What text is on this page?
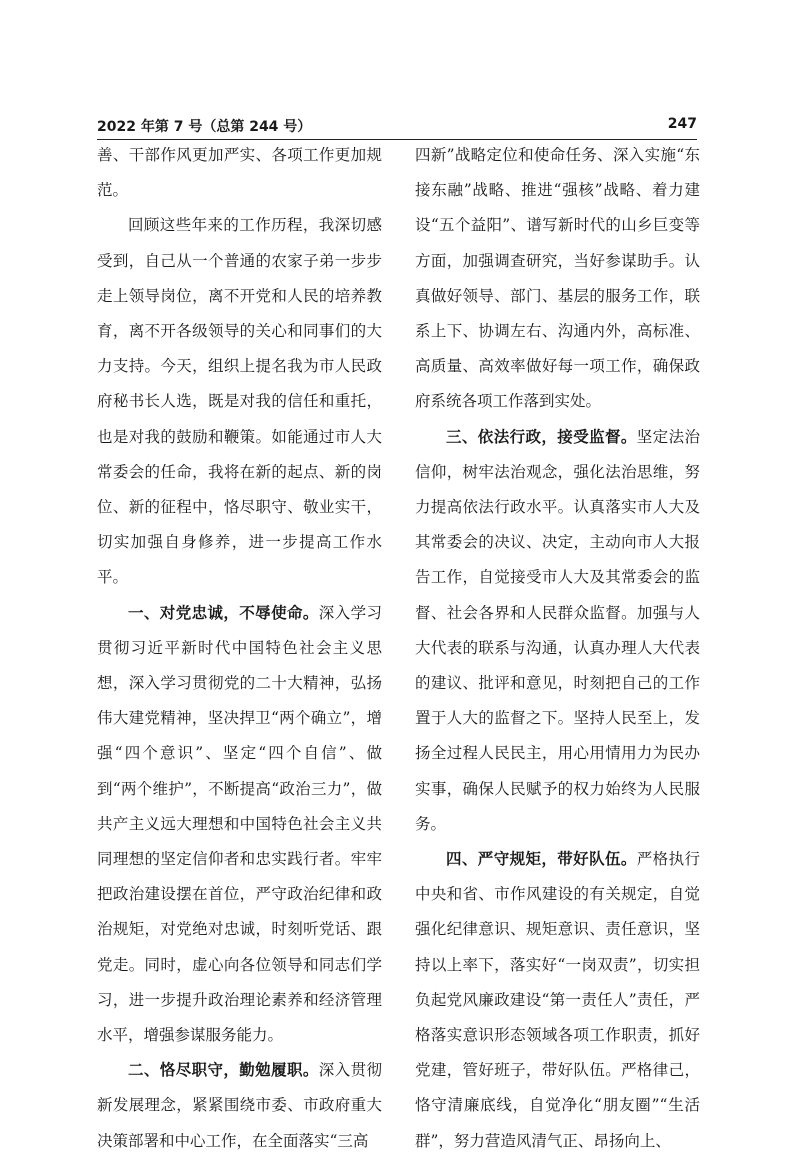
2022 年第 7 号（总第 244 号）	247

善、干部作风更加严实、各项工作更加规范。

回顾这些年来的工作历程，我深切感受到，自己从一个普通的农家子弟一步步走上领导岗位，离不开党和人民的培养教育，离不开各级领导的关心和同事们的大力支持。今天，组织上提名我为市人民政府秘书长人选，既是对我的信任和重托，也是对我的鼓励和鞭策。如能通过市人大常委会的任命，我将在新的起点、新的岗位、新的征程中，恪尽职守、敬业实干，切实加强自身修养，进一步提高工作水平。

一、对党忠诚，不辱使命。深入学习贯彻习近平新时代中国特色社会主义思想，深入学习贯彻党的二十大精神，弘扬伟大建党精神，坚决捍卫“两个确立”，增强“四个意识”、坚定“四个自信”、做到“两个维护”，不断提高“政治三力”，做共产主义远大理想和中国特色社会主义共同理想的坚定信仰者和忠实践行者。牢牢把政治建设摆在首位，严守政治纪律和政治规矩，对党绝对忠诚，时刻听党话、跟党走。同时，虚心向各位领导和同志们学习，进一步提升政治理论素养和经济管理水平，增强参谋服务能力。

二、恪尽职守，勤勉履职。深入贯彻新发展理念，紧紧围绕市委、市政府重大决策部署和中心工作，在全面落实“三高

四新”战略定位和使命任务、深入实施“东接东融”战略、推进“强核”战略、着力建设“五个益阳”、谱写新时代的山乡巨变等方面，加强调查研究，当好参谋助手。认真做好领导、部门、基层的服务工作，联系上下、协调左右、沟通内外，高标准、高质量、高效率做好每一项工作，确保政府系统各项工作落到实处。

三、依法行政，接受监督。坚定法治信仰，树牢法治观念，强化法治思维，努力提高依法行政水平。认真落实市人大及其常委会的决议、决定，主动向市人大报告工作，自觉接受市人大及其常委会的监督、社会各界和人民群众监督。加强与人大代表的联系与沟通，认真办理人大代表的建议、批评和意见，时刻把自己的工作置于人大的监督之下。坚持人民至上，发扬全过程人民民主，用心用情用力为民办实事，确保人民赋予的权力始终为人民服务。

四、严守规矩，带好队伍。严格执行中央和省、市作风建设的有关规定，自觉强化纪律意识、规矩意识、责任意识，坚持以上率下，落实好“一岗双责”，切实担负起党风廉政建设“第一责任人”责任，严格落实意识形态领域各项工作职责，抓好党建，管好班子，带好队伍。严格律己，恪守清廉底线，自觉净化“朋友圈”“生活群”，努力营造风清气正、昂扬向上、
